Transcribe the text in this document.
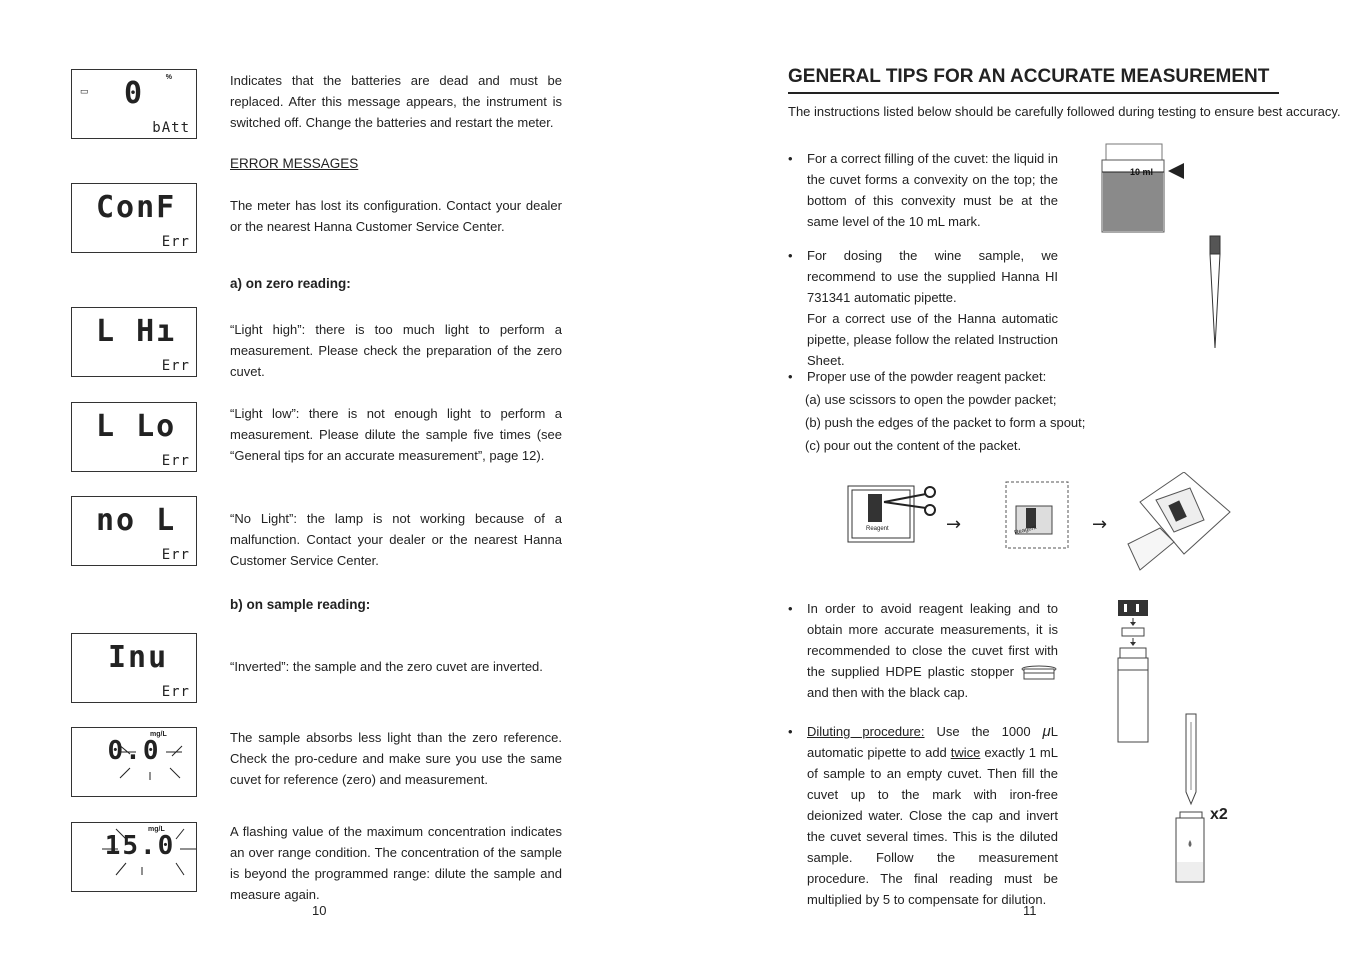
▭	0	%
bAtt
Indicates that the batteries are dead and must be replaced. After this message appears, the instrument is switched off. Change the batteries and restart the meter.
ERROR MESSAGES
ConF
Err
The meter has lost its configuration. Contact your dealer or the nearest Hanna Customer Service Center.
a) on zero reading:
L Hı
Err
“Light high”: there is too much light to perform a measurement. Please check the preparation of the zero cuvet.
L Lo
Err
“Light low”: there is not enough light to perform a measurement. Please dilute the sample five times (see “General tips for an accurate measurement”, page 12).
no L
Err
“No Light”: the lamp is not working because of a malfunction. Contact your dealer or the nearest Hanna Customer Service Center.
b) on sample reading:
Inu
Err
“Inverted”: the sample and the zero cuvet are inverted.
mg/L
0.0	The sample absorbs less light than the zero reference. Check the pro-cedure and make sure you use the same cuvet for reference (zero) and measurement.
mg/L
15.0	A flashing value of the maximum concentration indicates an over range condition. The concentration of the sample is beyond the programmed range: dilute the sample and measure again.
10
GENERAL TIPS FOR AN ACCURATE MEASUREMENT
The instructions listed below should be carefully followed during testing to ensure best accuracy.
• For a correct filling of the cuvet: the liquid in the cuvet forms a convexity on the top; the bottom of this convexity must be at the same level of the 10 mL mark.
10 ml
• For dosing the wine sample, we recommend to use the supplied Hanna HI 731341 automatic pipette.
For a correct use of the Hanna automatic pipette, please follow the related Instruction Sheet.
• Proper use of the powder reagent packet:
(a) use scissors to open the powder packet;
(b) push the edges of the packet to form a spout;
(c) pour out the content of the packet.
Reagent	→	Reagent	→
• In order to avoid reagent leaking and to obtain more accurate measurements, it is recommended to close the cuvet first with the supplied HDPE plastic stopper  and then with the black cap.
• Diluting procedure: Use the 1000 μL automatic pipette to add twice exactly 1 mL of sample to an empty cuvet. Then fill the cuvet up to the mark with iron-free deionized water. Close the cap and invert the cuvet several times. This is the diluted sample. Follow the measurement procedure. The final reading must be multiplied by 5 to compensate for dilution.
x2
11
